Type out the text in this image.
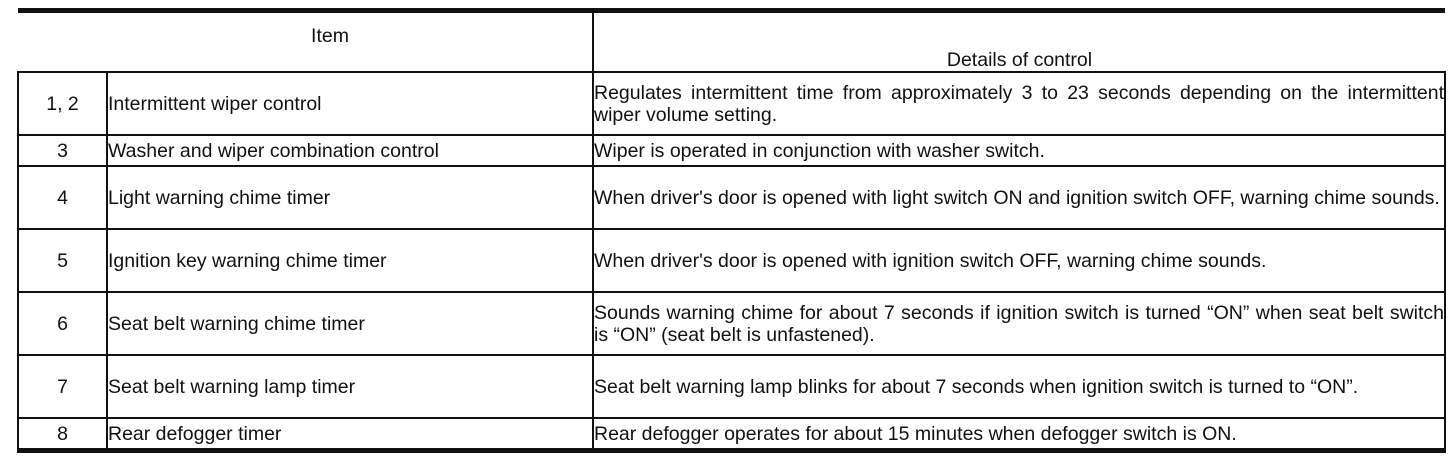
Item		Details of control
1, 2	Intermittent wiper control	Regulates intermittent time from approximately 3 to 23 seconds depending on the intermittent wiper volume setting.
3	Washer and wiper combination control	Wiper is operated in conjunction with washer switch.
4	Light warning chime timer	When driver's door is opened with light switch ON and ignition switch OFF, warning chime sounds.
5	Ignition key warning chime timer	When driver's door is opened with ignition switch OFF, warning chime sounds.
6	Seat belt warning chime timer	Sounds warning chime for about 7 seconds if ignition switch is turned “ON” when seat belt switch is “ON” (seat belt is unfastened).
7	Seat belt warning lamp timer	Seat belt warning lamp blinks for about 7 seconds when ignition switch is turned to “ON”.
8	Rear defogger timer	Rear defogger operates for about 15 minutes when defogger switch is ON.
